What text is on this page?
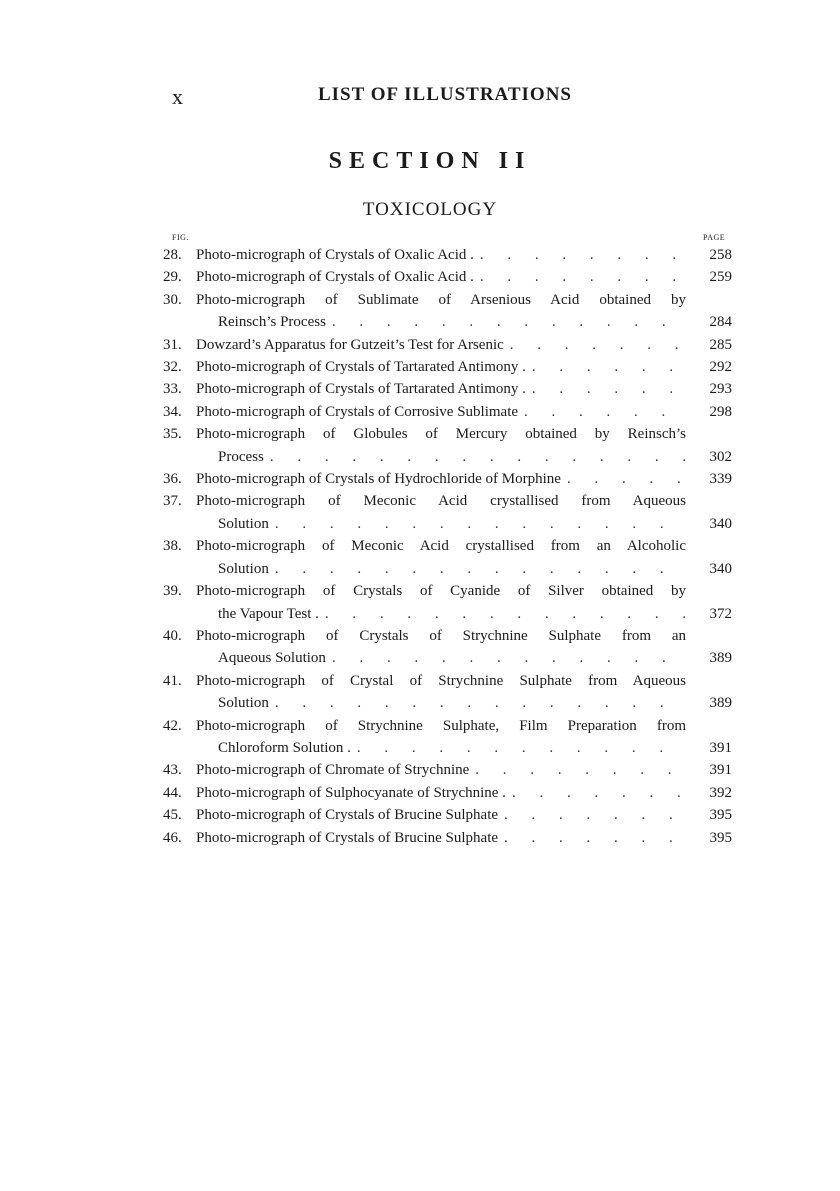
x	LIST OF ILLUSTRATIONS
SECTION II
TOXICOLOGY
FIG.	PAGE
28. Photo-micrograph of Crystals of Oxalic Acid . . . .	258
29. Photo-micrograph of Crystals of Oxalic Acid . . . .	259
30. Photo-micrograph of Sublimate of Arsenious Acid obtained by
Reinsch’s Process . . .	284
31. Dowzard’s Apparatus for Gutzeit’s Test for Arsenic . . .	285
32. Photo-micrograph of Crystals of Tartarated Antimony . . . .	292
33. Photo-micrograph of Crystals of Tartarated Antimony . . . .	293
34. Photo-micrograph of Crystals of Corrosive Sublimate . . .	298
35. Photo-micrograph of Globules of Mercury obtained by Reinsch’s
Process . . .	302
36. Photo-micrograph of Crystals of Hydrochloride of Morphine . . .	339
37. Photo-micrograph of Meconic Acid crystallised from Aqueous
Solution . . .	340
38. Photo-micrograph of Meconic Acid crystallised from an Alcoholic
Solution . . .	340
39. Photo-micrograph of Crystals of Cyanide of Silver obtained by
the Vapour Test . . . .	372
40. Photo-micrograph of Crystals of Strychnine Sulphate from an
Aqueous Solution . . .	389
41. Photo-micrograph of Crystal of Strychnine Sulphate from Aqueous
Solution . . .	389
42. Photo-micrograph of Strychnine Sulphate, Film Preparation from
Chloroform Solution . . . .	391
43. Photo-micrograph of Chromate of Strychnine . . .	391
44. Photo-micrograph of Sulphocyanate of Strychnine . . . .	392
45. Photo-micrograph of Crystals of Brucine Sulphate . . .	395
46. Photo-micrograph of Crystals of Brucine Sulphate . . .	395
